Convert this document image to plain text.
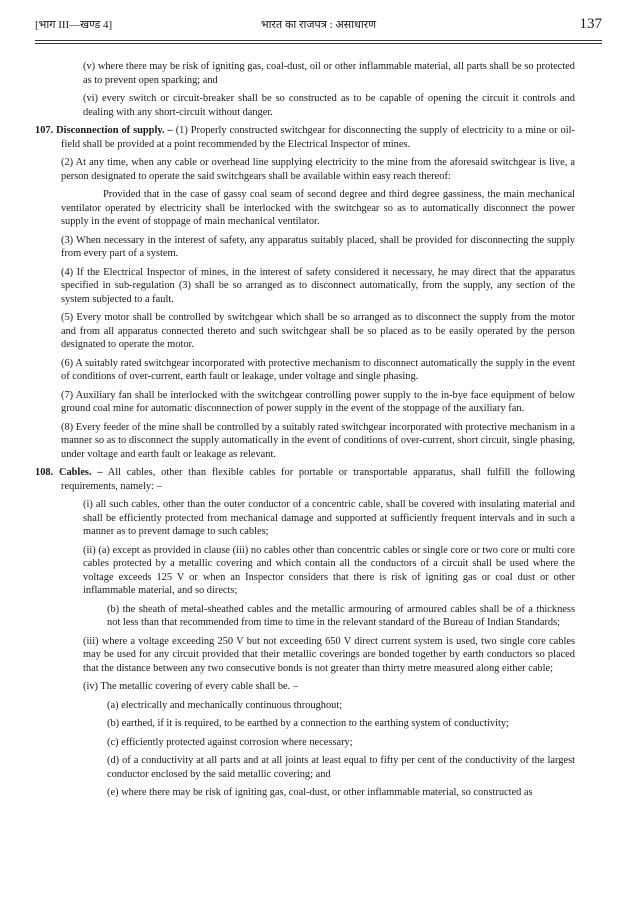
[भाग III—खण्ड 4]	भारत का राजपत्र : असाधारण	137

(v) where there may be risk of igniting gas, coal-dust, oil or other inflammable material, all parts shall be so protected as to prevent open sparking; and

(vi) every switch or circuit-breaker shall be so constructed as to be capable of opening the circuit it controls and dealing with any short-circuit without danger.

107. Disconnection of supply. – (1) Properly constructed switchgear for disconnecting the supply of electricity to a mine or oil-field shall be provided at a point recommended by the Electrical Inspector of mines.

(2) At any time, when any cable or overhead line supplying electricity to the mine from the aforesaid switchgear is live, a person designated to operate the said switchgears shall be available within easy reach thereof:

Provided that in the case of gassy coal seam of second degree and third degree gassiness, the main mechanical ventilator operated by electricity shall be interlocked with the switchgear so as to automatically disconnect the power supply in the event of stoppage of main mechanical ventilator.

(3) When necessary in the interest of safety, any apparatus suitably placed, shall be provided for disconnecting the supply from every part of a system.

(4) If the Electrical Inspector of mines, in the interest of safety considered it necessary, he may direct that the apparatus specified in sub-regulation (3) shall be so arranged as to disconnect automatically, from the supply, any section of the system subjected to a fault.

(5) Every motor shall be controlled by switchgear which shall be so arranged as to disconnect the supply from the motor and from all apparatus connected thereto and such switchgear shall be so placed as to be easily operated by the person designated to operate the motor.

(6) A suitably rated switchgear incorporated with protective mechanism to disconnect automatically the supply in the event of conditions of over-current, earth fault or leakage, under voltage and single phasing.

(7) Auxiliary fan shall be interlocked with the switchgear controlling power supply to the in-bye face equipment of below ground coal mine for automatic disconnection of power supply in the event of the stoppage of the auxiliary fan.

(8) Every feeder of the mine shall be controlled by a suitably rated switchgear incorporated with protective mechanism in a manner so as to disconnect the supply automatically in the event of conditions of over-current, short circuit, single phasing, under voltage and earth fault or leakage as relevant.

108. Cables. – All cables, other than flexible cables for portable or transportable apparatus, shall fulfill the following requirements, namely: –

(i) all such cables, other than the outer conductor of a concentric cable, shall be covered with insulating material and shall be efficiently protected from mechanical damage and supported at sufficiently frequent intervals and in such a manner as to prevent damage to such cables;

(ii) (a) except as provided in clause (iii) no cables other than concentric cables or single core or two core or multi core cables protected by a metallic covering and which contain all the conductors of a circuit shall be used where the voltage exceeds 125 V or when an Inspector considers that there is risk of igniting gas or coal dust or other inflammable material, and so directs;

(b) the sheath of metal-sheathed cables and the metallic armouring of armoured cables shall be of a thickness not less than that recommended from time to time in the relevant standard of the Bureau of Indian Standards;

(iii) where a voltage exceeding 250 V but not exceeding 650 V direct current system is used, two single core cables may be used for any circuit provided that their metallic coverings are bonded together by earth conductors so placed that the distance between any two consecutive bonds is not greater than thirty metre measured along either cable;

(iv) The metallic covering of every cable shall be. –

(a) electrically and mechanically continuous throughout;

(b) earthed, if it is required, to be earthed by a connection to the earthing system of conductivity;

(c) efficiently protected against corrosion where necessary;

(d) of a conductivity at all parts and at all joints at least equal to fifty per cent of the conductivity of the largest conductor enclosed by the said metallic covering; and

(e) where there may be risk of igniting gas, coal-dust, or other inflammable material, so constructed as
